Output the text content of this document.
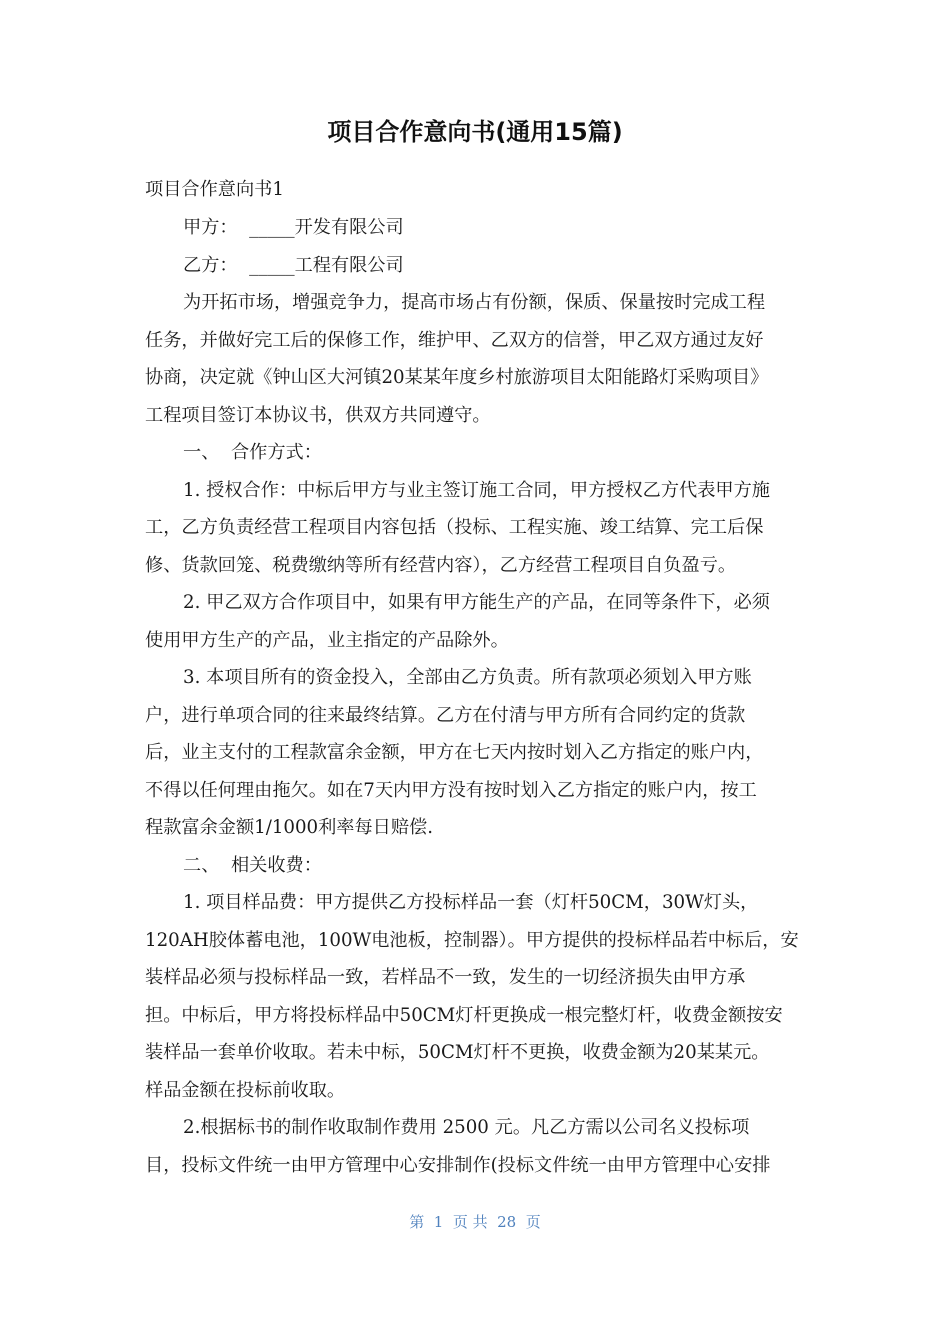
项目合作意向书(通用15篇)
项目合作意向书1
甲方：  _____开发有限公司
乙方：  _____工程有限公司
为开拓市场，增强竞争力，提高市场占有份额，保质、保量按时完成工程
任务，并做好完工后的保修工作，维护甲、乙双方的信誉，甲乙双方通过友好
协商，决定就《钟山区大河镇20某某年度乡村旅游项目太阳能路灯采购项目》
工程项目签订本协议书，供双方共同遵守。
一、  合作方式：
1. 授权合作：中标后甲方与业主签订施工合同，甲方授权乙方代表甲方施
工，乙方负责经营工程项目内容包括（投标、工程实施、竣工结算、完工后保
修、货款回笼、税费缴纳等所有经营内容），乙方经营工程项目自负盈亏。
2. 甲乙双方合作项目中，如果有甲方能生产的产品，在同等条件下，必须
使用甲方生产的产品，业主指定的产品除外。
3. 本项目所有的资金投入，全部由乙方负责。所有款项必须划入甲方账
户，进行单项合同的往来最终结算。乙方在付清与甲方所有合同约定的货款
后，业主支付的工程款富余金额，甲方在七天内按时划入乙方指定的账户内，
不得以任何理由拖欠。如在7天内甲方没有按时划入乙方指定的账户内，按工
程款富余金额1/1000利率每日赔偿.
二、  相关收费：
1. 项目样品费：甲方提供乙方投标样品一套（灯杆50CM，30W灯头，
120AH胶体蓄电池，100W电池板，控制器）。甲方提供的投标样品若中标后，安
装样品必须与投标样品一致，若样品不一致，发生的一切经济损失由甲方承
担。中标后，甲方将投标样品中50CM灯杆更换成一根完整灯杆，收费金额按安
装样品一套单价收取。若未中标，50CM灯杆不更换，收费金额为20某某元。
样品金额在投标前收取。
2.根据标书的制作收取制作费用 2500 元。凡乙方需以公司名义投标项
目，投标文件统一由甲方管理中心安排制作(投标文件统一由甲方管理中心安排
第  1  页 共  28  页
